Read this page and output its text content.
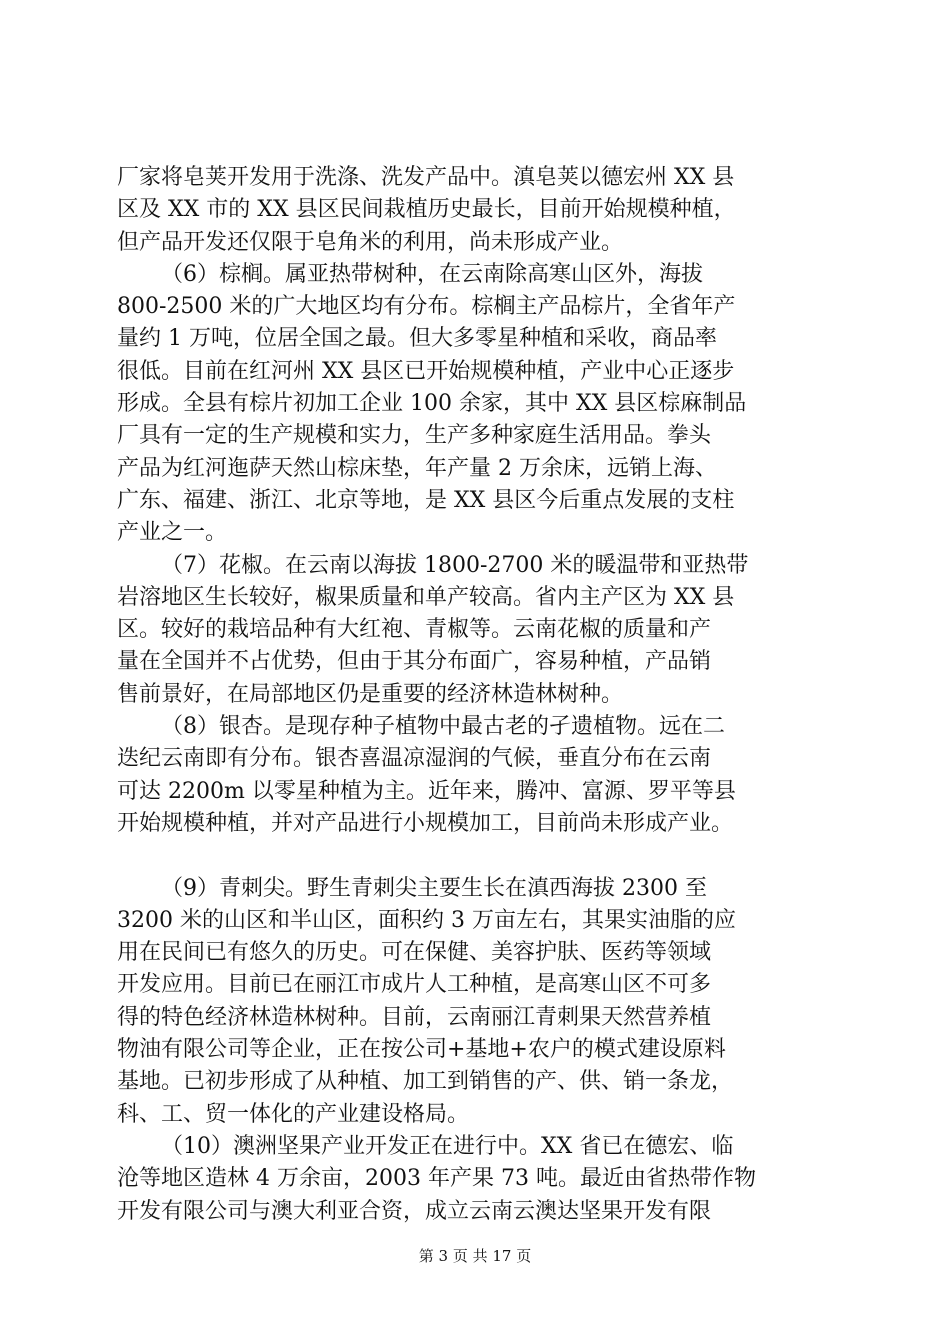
厂家将皂荚开发用于洗涤、洗发产品中。滇皂荚以德宏州 XX 县
区及 XX 市的 XX 县区民间栽植历史最长，目前开始规模种植，
但产品开发还仅限于皂角米的利用，尚未形成产业。
（6）棕榈。属亚热带树种，在云南除高寒山区外，海拔
800-2500 米的广大地区均有分布。棕榈主产品棕片，全省年产
量约 1 万吨，位居全国之最。但大多零星种植和采收，商品率
很低。目前在红河州 XX 县区已开始规模种植，产业中心正逐步
形成。全县有棕片初加工企业 100 余家，其中 XX 县区棕麻制品
厂具有一定的生产规模和实力，生产多种家庭生活用品。拳头
产品为红河迤萨天然山棕床垫，年产量 2 万余床，远销上海、
广东、福建、浙江、北京等地，是 XX 县区今后重点发展的支柱
产业之一。
（7）花椒。在云南以海拔 1800-2700 米的暖温带和亚热带
岩溶地区生长较好，椒果质量和单产较高。省内主产区为 XX 县
区。较好的栽培品种有大红袍、青椒等。云南花椒的质量和产
量在全国并不占优势，但由于其分布面广，容易种植，产品销
售前景好，在局部地区仍是重要的经济林造林树种。
（8）银杏。是现存种子植物中最古老的孑遗植物。远在二
迭纪云南即有分布。银杏喜温凉湿润的气候，垂直分布在云南
可达 2200m 以零星种植为主。近年来，腾冲、富源、罗平等县
开始规模种植，并对产品进行小规模加工，目前尚未形成产业。
（9）青刺尖。野生青刺尖主要生长在滇西海拔 2300 至
3200 米的山区和半山区，面积约 3 万亩左右，其果实油脂的应
用在民间已有悠久的历史。可在保健、美容护肤、医药等领域
开发应用。目前已在丽江市成片人工种植，是高寒山区不可多
得的特色经济林造林树种。目前，云南丽江青刺果天然营养植
物油有限公司等企业，正在按公司+基地+农户的模式建设原料
基地。已初步形成了从种植、加工到销售的产、供、销一条龙，
科、工、贸一体化的产业建设格局。
（10）澳洲坚果产业开发正在进行中。XX 省已在德宏、临
沧等地区造林 4 万余亩，2003 年产果 73 吨。最近由省热带作物
开发有限公司与澳大利亚合资，成立云南云澳达坚果开发有限
第 3 页 共 17 页
